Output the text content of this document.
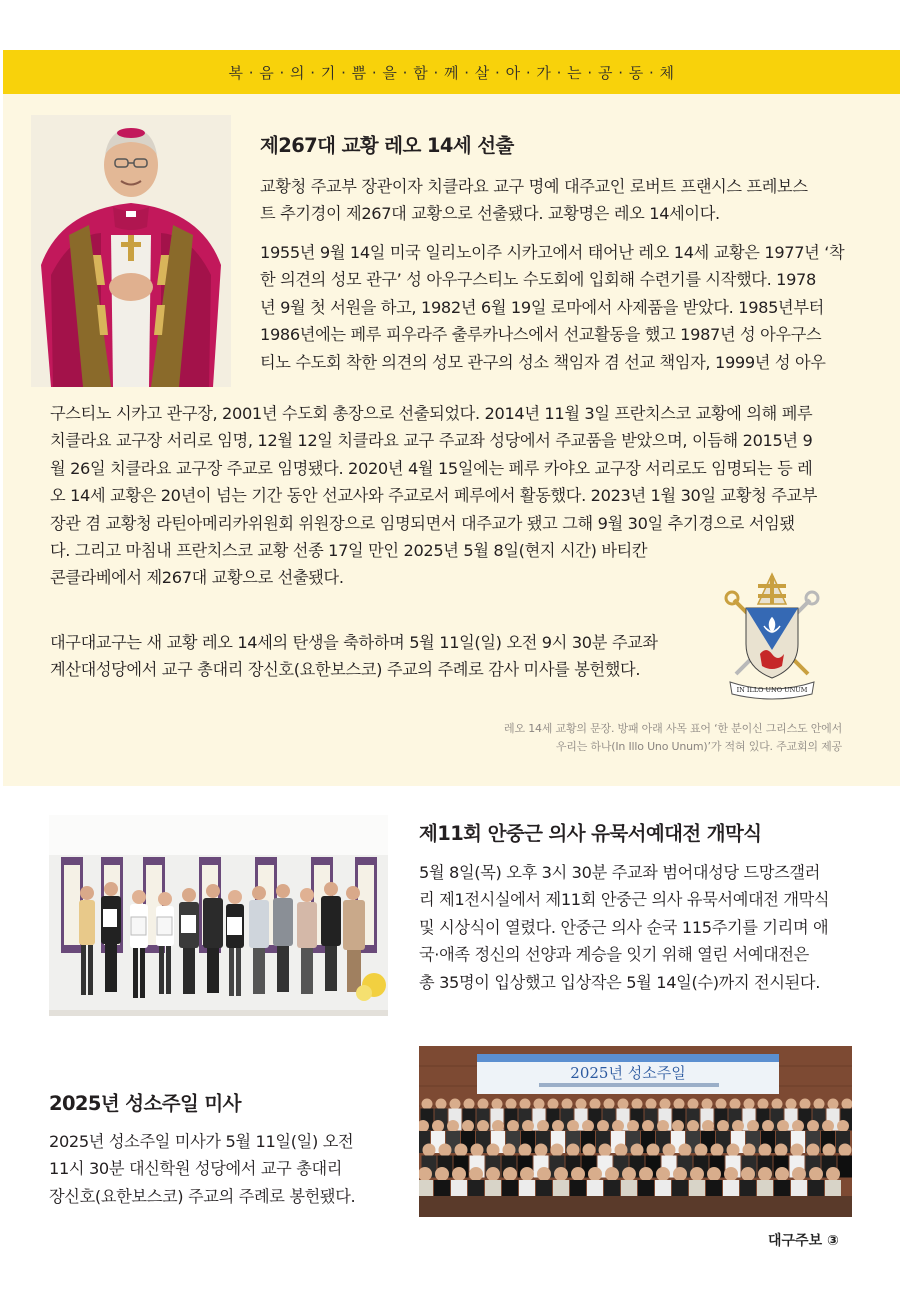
복 · 음 · 의 · 기 · 쁨 · 을 · 함 · 께 · 살 · 아 · 가 · 는 · 공 · 동 · 체
제267대 교황 레오 14세 선출
교황청 주교부 장관이자 치클라요 교구 명예 대주교인 로버트 프랜시스 프레보스
트 추기경이 제267대 교황으로 선출됐다. 교황명은 레오 14세이다.
1955년 9월 14일 미국 일리노이주 시카고에서 태어난 레오 14세 교황은 1977년 ‘착
한 의견의 성모 관구’ 성 아우구스티노 수도회에 입회해 수련기를 시작했다. 1978
년 9월 첫 서원을 하고, 1982년 6월 19일 로마에서 사제품을 받았다. 1985년부터
1986년에는 페루 피우라주 출루카나스에서 선교활동을 했고 1987년 성 아우구스
티노 수도회 착한 의견의 성모 관구의 성소 책임자 겸 선교 책임자, 1999년 성 아우
구스티노 시카고 관구장, 2001년 수도회 총장으로 선출되었다. 2014년 11월 3일 프란치스코 교황에 의해 페루
치클라요 교구장 서리로 임명, 12월 12일 치클라요 교구 주교좌 성당에서 주교품을 받았으며, 이듬해 2015년 9
월 26일 치클라요 교구장 주교로 임명됐다. 2020년 4월 15일에는 페루 카야오 교구장 서리로도 임명되는 등 레
오 14세 교황은 20년이 넘는 기간 동안 선교사와 주교로서 페루에서 활동했다. 2023년 1월 30일 교황청 주교부
장관 겸 교황청 라틴아메리카위원회 위원장으로 임명되면서 대주교가 됐고 그해 9월 30일 추기경으로 서임됐
다. 그리고 마침내 프란치스코 교황 선종 17일 만인 2025년 5월 8일(현지 시간) 바티칸
콘클라베에서 제267대 교황으로 선출됐다.
대구대교구는 새 교황 레오 14세의 탄생을 축하하며 5월 11일(일) 오전 9시 30분 주교좌
계산대성당에서 교구 총대리 장신호(요한보스코) 주교의 주례로 감사 미사를 봉헌했다.
IN ILLO UNO UNUM
레오 14세 교황의 문장. 방패 아래 사목 표어 ‘한 분이신 그리스도 안에서
우리는 하나(In Illo Uno Unum)’가 적혀 있다. 주교회의 제공
제11회 안중근 의사 유묵서예대전 개막식
5월 8일(목) 오후 3시 30분 주교좌 범어대성당 드망즈갤러
리 제1전시실에서 제11회 안중근 의사 유묵서예대전 개막식
및 시상식이 열렸다. 안중근 의사 순국 115주기를 기리며 애
국·애족 정신의 선양과 계승을 잇기 위해 열린 서예대전은
총 35명이 입상했고 입상작은 5월 14일(수)까지 전시된다.
2025년 성소주일 미사
2025년 성소주일 미사가 5월 11일(일) 오전
11시 30분 대신학원 성당에서 교구 총대리
장신호(요한보스코) 주교의 주례로 봉헌됐다.
2025년 성소주일
대구주보 ③
